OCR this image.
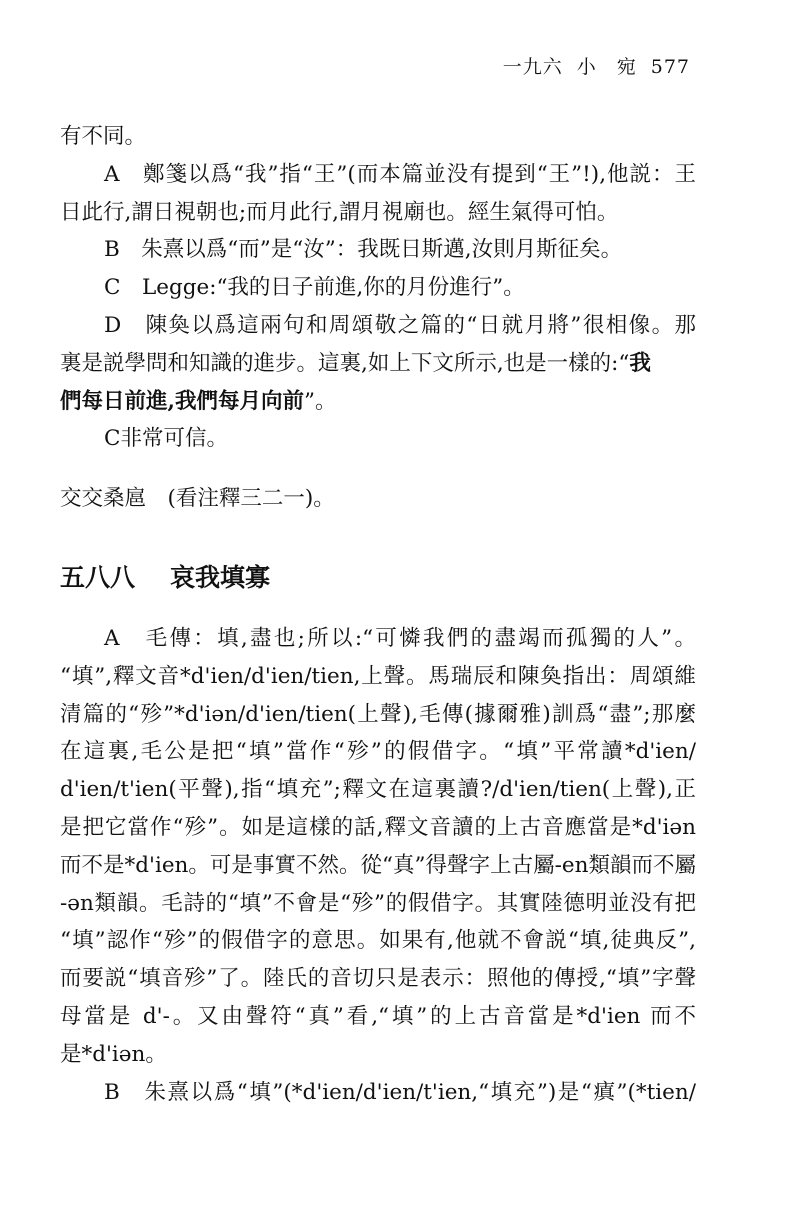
一九六 小　宛 577
有不同。
A　鄭箋以爲“我”指“王”(而本篇並没有提到“王”!),他説：王
日此行,謂日視朝也;而月此行,謂月視廟也。經生氣得可怕。
B　朱熹以爲“而”是“汝”：我既日斯邁,汝則月斯征矣。
C　Legge:“我的日子前進,你的月份進行”。
D　陳奐以爲這兩句和周頌敬之篇的“日就月將”很相像。那
裏是説學問和知識的進步。這裏,如上下文所示,也是一樣的:“我
們每日前進,我們每月向前”。
C非常可信。
交交桑扈　(看注釋三二一)。
五八八 哀我填寡
A　毛傳：填,盡也;所以:“可憐我們的盡竭而孤獨的人”。
“填”,釋文音*d'ien/d'ien/tien,上聲。馬瑞辰和陳奐指出：周頌維
清篇的“殄”*d'iən/d'ien/tien(上聲),毛傳(據爾雅)訓爲“盡”;那麼
在這裏,毛公是把“填”當作“殄”的假借字。“填”平常讀*d'ien/
d'ien/t'ien(平聲),指“填充”;釋文在這裏讀?/d'ien/tien(上聲),正
是把它當作“殄”。如是這樣的話,釋文音讀的上古音應當是*d'iən
而不是*d'ien。可是事實不然。從“真”得聲字上古屬-en類韻而不屬
-ən類韻。毛詩的“填”不會是“殄”的假借字。其實陸德明並没有把
“填”認作“殄”的假借字的意思。如果有,他就不會説“填,徒典反”,
而要説“填音殄”了。陸氏的音切只是表示：照他的傳授,“填”字聲
母當是 d'-。又由聲符“真”看,“填”的上古音當是*d'ien 而不
是*d'iən。
B　朱熹以爲“填”(*d'ien/d'ien/t'ien,“填充”)是“瘨”(*tien/
